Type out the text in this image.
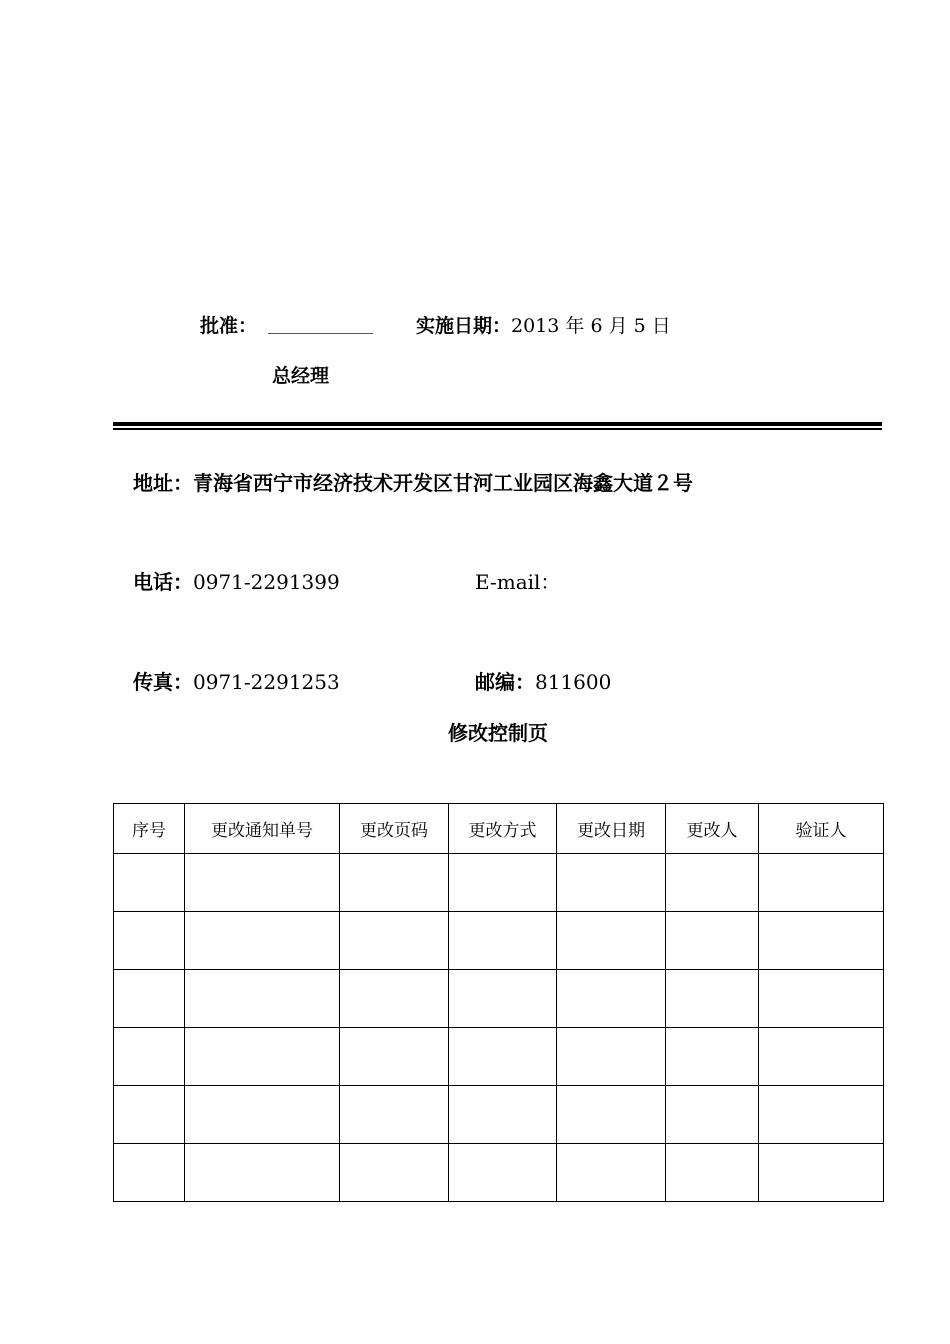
批准：	实施日期：2013 年 6 月 5 日
总经理
地址：青海省西宁市经济技术开发区甘河工业园区海鑫大道２号
电话：0971-2291399	E-mail：
传真：0971-2291253	邮编：811600
修改控制页
序号	更改通知单号	更改页码	更改方式	更改日期	更改人	验证人
